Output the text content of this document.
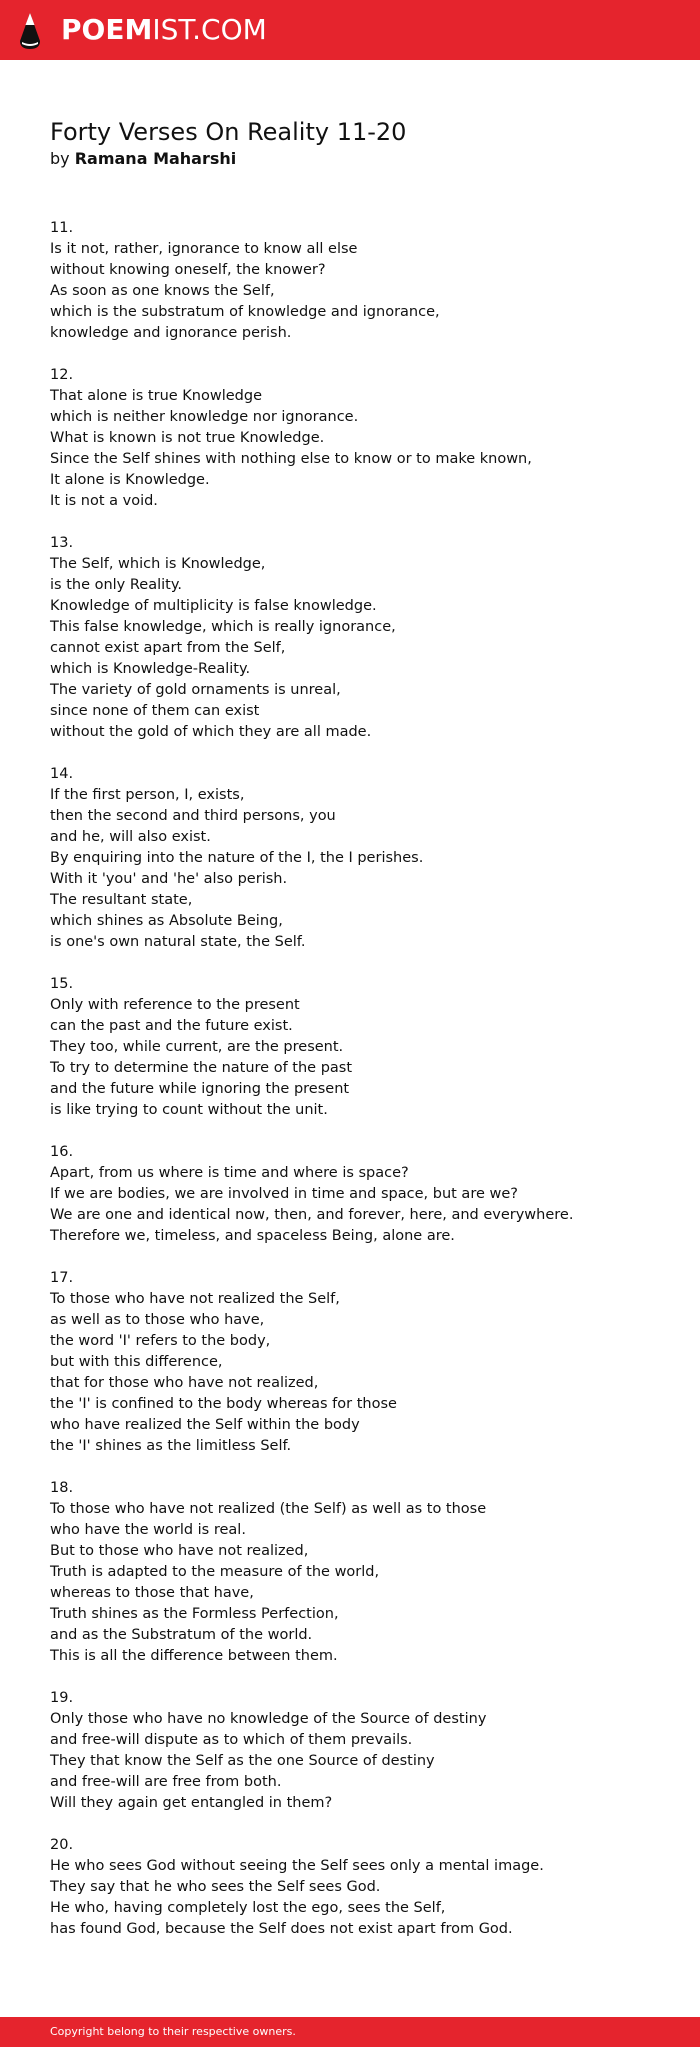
POEMIST.COM
Forty Verses On Reality 11-20
by Ramana Maharshi
11.
Is it not, rather, ignorance to know all else
without knowing oneself, the knower?
As soon as one knows the Self,
which is the substratum of knowledge and ignorance,
knowledge and ignorance perish.
12.
That alone is true Knowledge
which is neither knowledge nor ignorance.
What is known is not true Knowledge.
Since the Self shines with nothing else to know or to make known,
It alone is Knowledge.
It is not a void.
13.
The Self, which is Knowledge,
is the only Reality.
Knowledge of multiplicity is false knowledge.
This false knowledge, which is really ignorance,
cannot exist apart from the Self,
which is Knowledge-Reality.
The variety of gold ornaments is unreal,
since none of them can exist
without the gold of which they are all made.
14.
If the first person, I, exists,
then the second and third persons, you
and he, will also exist.
By enquiring into the nature of the I, the I perishes.
With it 'you' and 'he' also perish.
The resultant state,
which shines as Absolute Being,
is one's own natural state, the Self.
15.
Only with reference to the present
can the past and the future exist.
They too, while current, are the present.
To try to determine the nature of the past
and the future while ignoring the present
is like trying to count without the unit.
16.
Apart, from us where is time and where is space?
If we are bodies, we are involved in time and space, but are we?
We are one and identical now, then, and forever, here, and everywhere.
Therefore we, timeless, and spaceless Being, alone are.
17.
To those who have not realized the Self,
as well as to those who have,
the word 'I' refers to the body,
but with this difference,
that for those who have not realized,
the 'I' is confined to the body whereas for those
who have realized the Self within the body
the 'I' shines as the limitless Self.
18.
To those who have not realized (the Self) as well as to those
who have the world is real.
But to those who have not realized,
Truth is adapted to the measure of the world,
whereas to those that have,
Truth shines as the Formless Perfection,
and as the Substratum of the world.
This is all the difference between them.
19.
Only those who have no knowledge of the Source of destiny
and free-will dispute as to which of them prevails.
They that know the Self as the one Source of destiny
and free-will are free from both.
Will they again get entangled in them?
20.
He who sees God without seeing the Self sees only a mental image.
They say that he who sees the Self sees God.
He who, having completely lost the ego, sees the Self,
has found God, because the Self does not exist apart from God.
Copyright belong to their respective owners.
